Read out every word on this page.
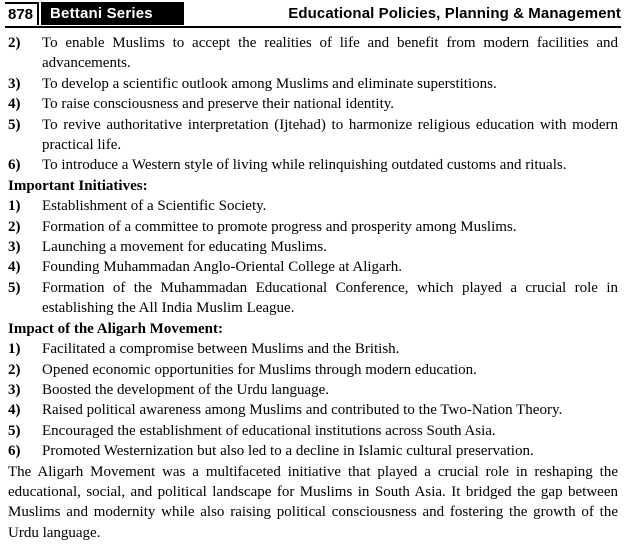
878	Bettani Series	Educational Policies, Planning & Management
2) To enable Muslims to accept the realities of life and benefit from modern facilities and advancements.
3) To develop a scientific outlook among Muslims and eliminate superstitions.
4) To raise consciousness and preserve their national identity.
5) To revive authoritative interpretation (Ijtehad) to harmonize religious education with modern practical life.
6) To introduce a Western style of living while relinquishing outdated customs and rituals.
Important Initiatives:
1) Establishment of a Scientific Society.
2) Formation of a committee to promote progress and prosperity among Muslims.
3) Launching a movement for educating Muslims.
4) Founding Muhammadan Anglo-Oriental College at Aligarh.
5) Formation of the Muhammadan Educational Conference, which played a crucial role in establishing the All India Muslim League.
Impact of the Aligarh Movement:
1) Facilitated a compromise between Muslims and the British.
2) Opened economic opportunities for Muslims through modern education.
3) Boosted the development of the Urdu language.
4) Raised political awareness among Muslims and contributed to the Two-Nation Theory.
5) Encouraged the establishment of educational institutions across South Asia.
6) Promoted Westernization but also led to a decline in Islamic cultural preservation.
The Aligarh Movement was a multifaceted initiative that played a crucial role in reshaping the educational, social, and political landscape for Muslims in South Asia. It bridged the gap between Muslims and modernity while also raising political consciousness and fostering the growth of the Urdu language.
